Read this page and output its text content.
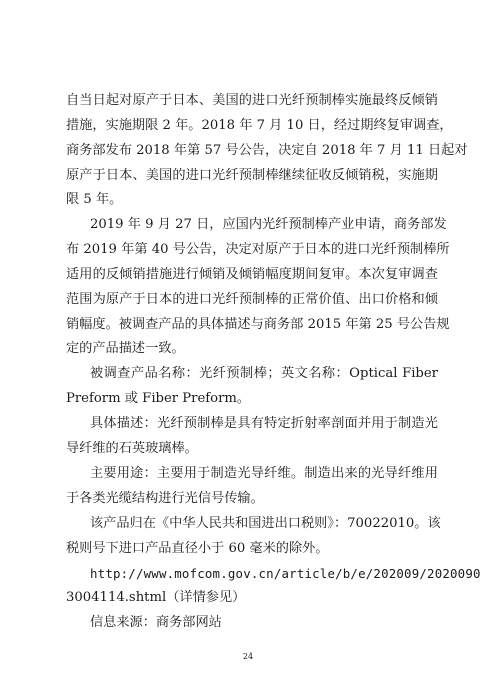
自当日起对原产于日本、美国的进口光纤预制棒实施最终反倾销
措施，实施期限 2 年。2018 年 7 月 10 日，经过期终复审调查，
商务部发布 2018 年第 57 号公告，决定自 2018 年 7 月 11 日起对
原产于日本、美国的进口光纤预制棒继续征收反倾销税，实施期
限 5 年。
2019 年 9 月 27 日，应国内光纤预制棒产业申请，商务部发
布 2019 年第 40 号公告，决定对原产于日本的进口光纤预制棒所
适用的反倾销措施进行倾销及倾销幅度期间复审。本次复审调查
范围为原产于日本的进口光纤预制棒的正常价值、出口价格和倾
销幅度。被调查产品的具体描述与商务部 2015 年第 25 号公告规
定的产品描述一致。
被调查产品名称：光纤预制棒；英文名称：Optical Fiber
Preform 或 Fiber Preform。
具体描述：光纤预制棒是具有特定折射率剖面并用于制造光
导纤维的石英玻璃棒。
主要用途：主要用于制造光导纤维。制造出来的光导纤维用
于各类光缆结构进行光信号传输。
该产品归在《中华人民共和国进出口税则》：70022010。该
税则号下进口产品直径小于 60 毫米的除外。
http://www.mofcom.gov.cn/article/b/e/202009/2020090
3004114.shtml（详情参见）
信息来源：商务部网站
24
